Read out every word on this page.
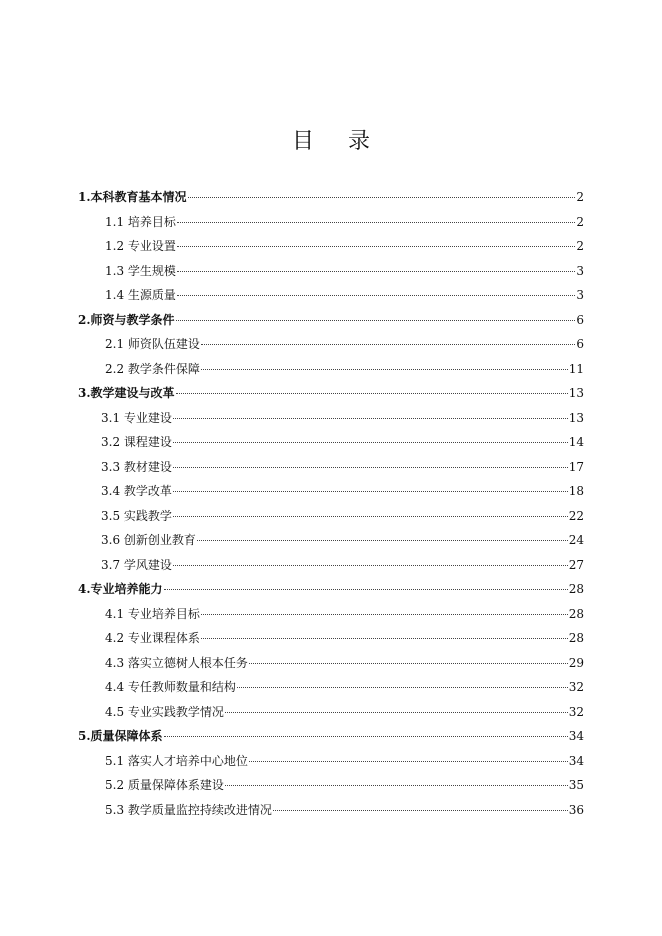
目 录
1.本科教育基本情况	2
1.1 培养目标	2
1.2 专业设置	2
1.3 学生规模	3
1.4 生源质量	3
2.师资与教学条件	6
2.1 师资队伍建设	6
2.2 教学条件保障	11
3.教学建设与改革	13
3.1 专业建设	13
3.2 课程建设	14
3.3 教材建设	17
3.4 教学改革	18
3.5 实践教学	22
3.6 创新创业教育	24
3.7 学风建设	27
4.专业培养能力	28
4.1 专业培养目标	28
4.2 专业课程体系	28
4.3 落实立德树人根本任务	29
4.4 专任教师数量和结构	32
4.5 专业实践教学情况	32
5.质量保障体系	34
5.1 落实人才培养中心地位	34
5.2 质量保障体系建设	35
5.3 教学质量监控持续改进情况	36
